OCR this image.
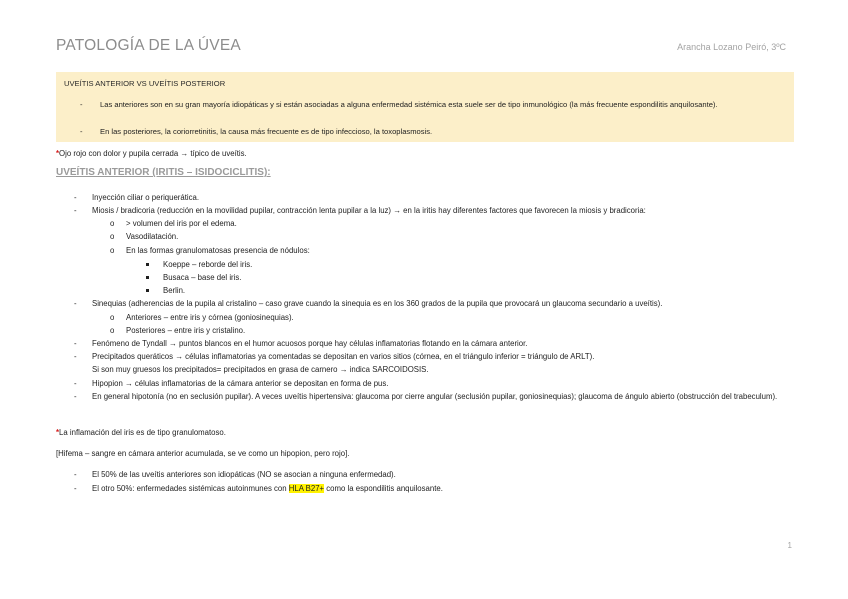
PATOLOGÍA DE LA ÚVEA	Arancha Lozano Peiró, 3ºC
UVEÍTIS ANTERIOR VS UVEÍTIS POSTERIOR
- Las anteriores son en su gran mayoría idiopáticas y si están asociadas a alguna enfermedad sistémica esta suele ser de tipo inmunológico (la más frecuente espondilitis anquilosante).
- En las posteriores, la coriorretinitis, la causa más frecuente es de tipo infeccioso, la toxoplasmosis.
*Ojo rojo con dolor y pupila cerrada → típico de uveítis.
UVEÍTIS ANTERIOR (IRITIS – ISIDOCICLITIS):
- Inyección ciliar o periquerática.
- Miosis / bradicoria (reducción en la movilidad pupilar, contracción lenta pupilar a la luz) → en la iritis hay diferentes factores que favorecen la miosis y bradicoria:
o > volumen del iris por el edema.
o Vasodilatación.
o En las formas granulomatosas presencia de nódulos:
Koeppe – reborde del iris.
Busaca – base del iris.
Berlin.
- Sinequias (adherencias de la pupila al cristalino – caso grave cuando la sinequia es en los 360 grados de la pupila que provocará un glaucoma secundario a uveítis).
o Anteriores – entre iris y córnea (goniosinequias).
o Posteriores – entre iris y cristalino.
- Fenómeno de Tyndall → puntos blancos en el humor acuosos porque hay células inflamatorias flotando en la cámara anterior.
- Precipitados queráticos → células inflamatorias ya comentadas se depositan en varios sitios (córnea, en el triángulo inferior = triángulo de ARLT).
Si son muy gruesos los precipitados= precipitados en grasa de carnero → indica SARCOIDOSIS.
- Hipopion → células inflamatorias de la cámara anterior se depositan en forma de pus.
- En general hipotonía (no en seclusión pupilar). A veces uveítis hipertensiva: glaucoma por cierre angular (seclusión pupilar, goniosinequias); glaucoma de ángulo abierto (obstrucción del trabeculum).
*La inflamación del iris es de tipo granulomatoso.
[Hifema – sangre en cámara anterior acumulada, se ve como un hipopion, pero rojo].
- El 50% de las uveítis anteriores son idiopáticas (NO se asocian a ninguna enfermedad).
- El otro 50%: enfermedades sistémicas autoinmunes con HLA B27+ como la espondilitis anquilosante.
1
